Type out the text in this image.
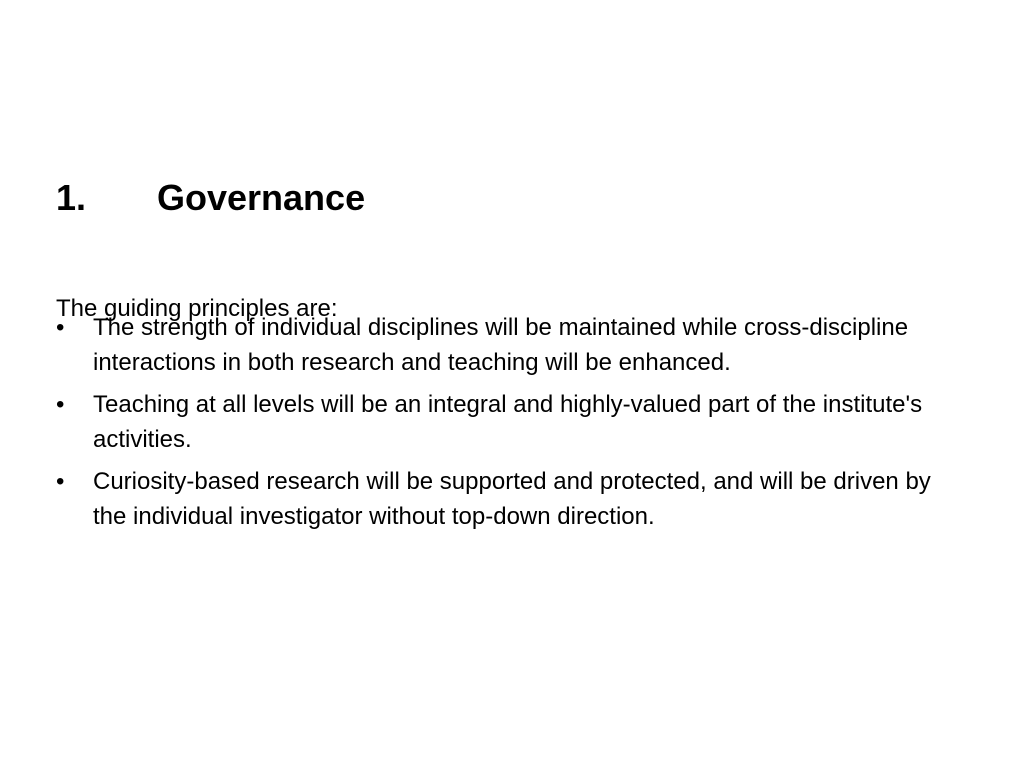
1. Governance

The guiding principles are:

• The strength of individual disciplines will be maintained while cross-discipline interactions in both research and teaching will be enhanced.
• Teaching at all levels will be an integral and highly-valued part of the institute's activities.
• Curiosity-based research will be supported and protected, and will be driven by the individual investigator without top-down direction.
